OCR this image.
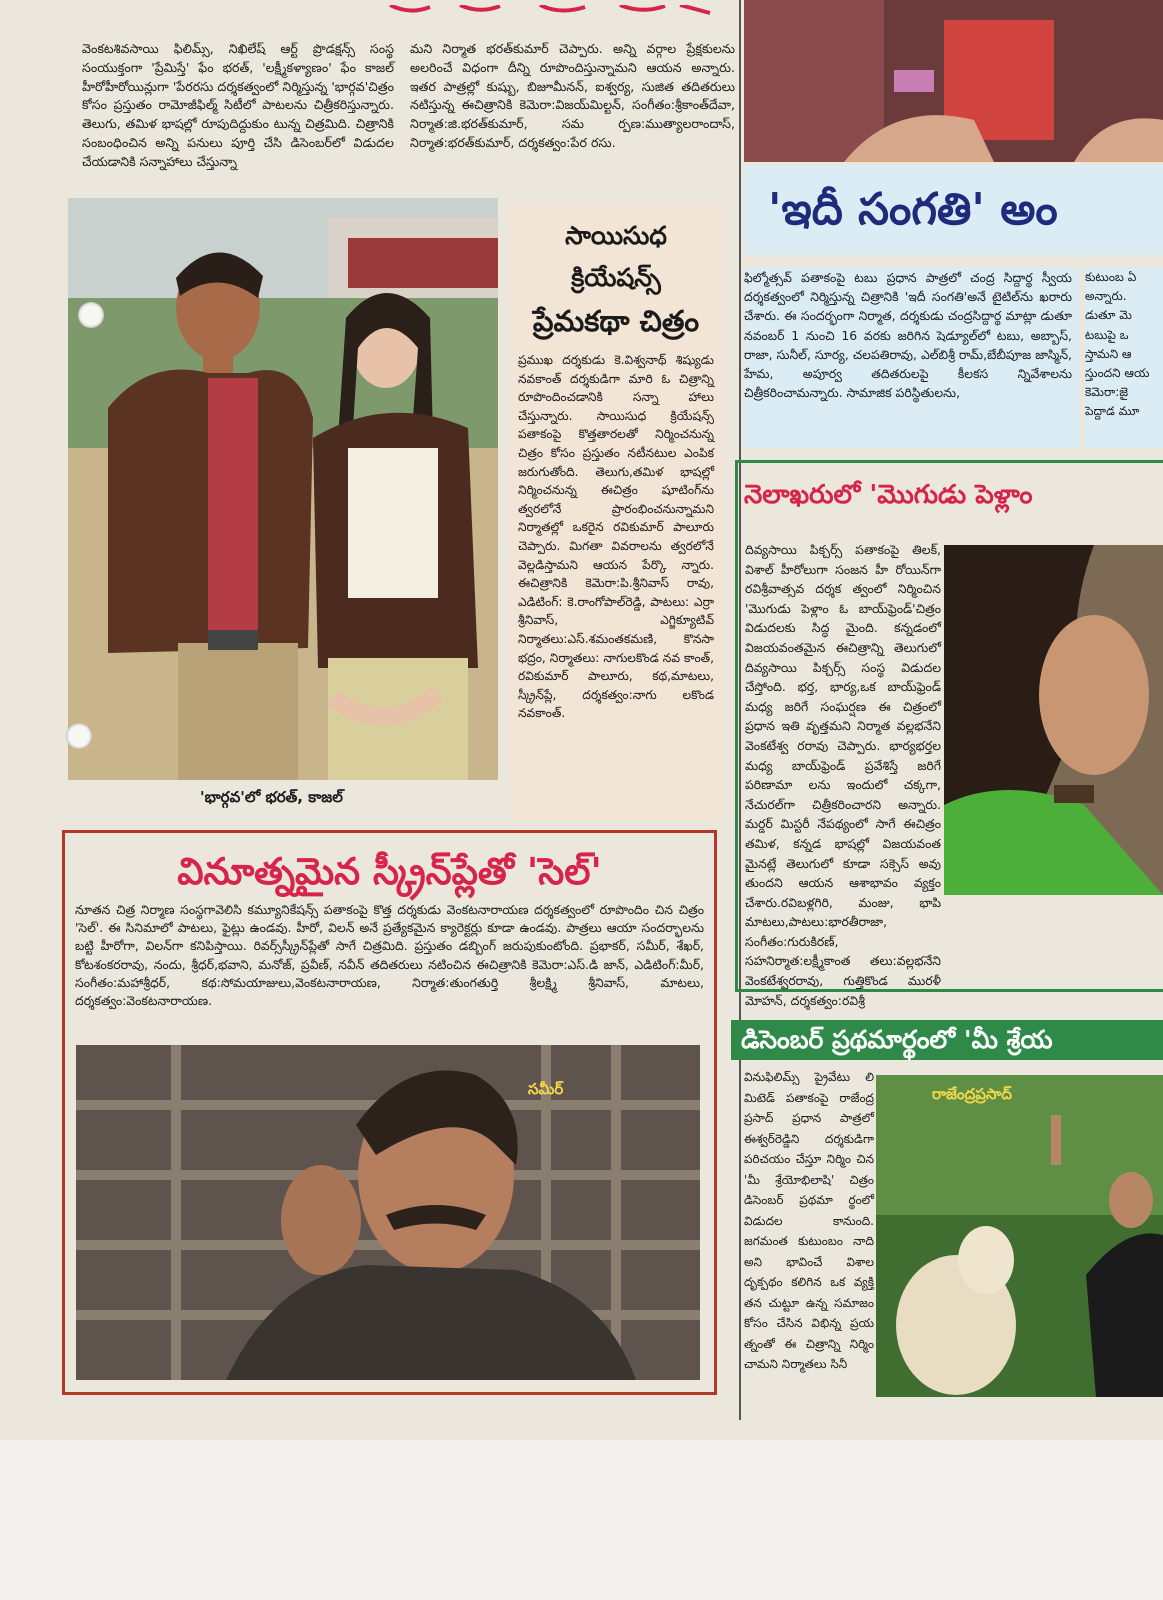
వెంకటశివసాయి ఫిలిమ్స్, నిఖిలేష్ ఆర్ట్ ప్రొడక్షన్స్ సంస్థ సంయుక్తంగా 'ప్రేమిస్తే' ఫేం భరత్, 'లక్ష్మీకళ్యాణం' ఫేం కాజల్ హీరోహీరోయిన్లుగా 'పేరరసు దర్శకత్వంలో నిర్మిస్తున్న 'భార్గవ'చిత్రం కోసం ప్రస్తుతం రామోజీఫిల్మ్ సిటీలో పాటలను చిత్రీకరిస్తున్నారు. తెలుగు, తమిళ భాషల్లో రూపుదిద్దుకుం టున్న చిత్రమిది. చిత్రానికి సంబంధించిన అన్ని పనులు పూర్తి చేసి డిసెంబర్‌లో విడుదల చేయడానికి సన్నాహాలు చేస్తున్నా

మని నిర్మాత భరత్‌కుమార్ చెప్పారు. అన్ని వర్గాల ప్రేక్షకులను అలరించే విధంగా దీన్ని రూపొందిస్తున్నామని ఆయన అన్నారు. ఇతర పాత్రల్లో కుష్బు, బిజూమీనన్, ఐశ్వర్య, సుజిత తదితరులు నటిస్తున్న ఈచిత్రానికి కెమెరా:విజయ్‌మిల్టన్, సంగీతం:శ్రీకాంత్‌దేవా, నిర్మాత:జి.భరత్‌కుమార్, సమ ర్పణ:ముత్యాలరాందాస్, నిర్మాత:భరత్‌కుమార్, దర్శకత్వం:పేర రసు.

'భార్గవ'లో భరత్, కాజల్
సాయిసుధ క్రియేషన్స్
ప్రేమకథా చిత్రం

ప్రముఖ దర్శకుడు కె.విశ్వనాథ్ శిష్యుడు నవకాంత్ దర్శకుడిగా మారి ఓ చిత్రాన్ని రూపొందించడానికి సన్నా హాలు చేస్తున్నారు. సాయిసుధ క్రియేషన్స్ పతాకంపై కొత్తతారలతో నిర్మించనున్న చిత్రం కోసం ప్రస్తుతం నటీనటుల ఎంపిక జరుగుతోంది. తెలుగు,తమిళ భాషల్లో నిర్మించనున్న ఈచిత్రం షూటింగ్‌ను త్వరలోనే ప్రారంభించనున్నామని నిర్మాతల్లో ఒకరైన రవికుమార్ పాలూరు చెప్పారు. మిగతా వివరాలను త్వరలోనే వెల్లడిస్తామని ఆయన పేర్కొ న్నారు. ఈచిత్రానికి కెమెరా:పి.శ్రీనివాస్ రావు, ఎడిటింగ్: కె.రాంగోపాల్‌రెడ్డి, పాటలు: ఎర్రా శ్రీనివాస్, ఎగ్జిక్యూటివ్ నిర్మాతలు:ఎస్.శమంతకమణి, కొనసా భద్రం, నిర్మాతలు: నాగులకొండ నవ కాంత్, రవికుమార్ పాలూరు, కథ,మాటలు, స్క్రీన్‌ప్లే, దర్శకత్వం:నాగు లకొండ నవకాంత్.

వినూత్నమైన స్క్రీన్‌ప్లేతో 'సెల్'

నూతన చిత్ర నిర్మాణ సంస్థగావెలిసి కమ్యూనికేషన్స్ పతాకంపై కొత్త దర్శకుడు వెంకటనారాయణ దర్శకత్వంలో రూపొందిం చిన చిత్రం 'సెల్'. ఈ సినిమాలో పాటలు, ఫైట్లు ఉండవు. హీరో, విలన్ అనే ప్రత్యేకమైన క్యారెక్టర్లు కూడా ఉండవు. పాత్రలు ఆయా సందర్భాలను బట్టి హీరోగా, విలన్‌గా కనిపిస్తాయి. రివర్స్‌స్క్రీన్‌ప్లేతో సాగే చిత్రమిది. ప్రస్తుతం డబ్బింగ్ జరుపుకుంటోంది. ప్రభాకర్, సమీర్, శేఖర్, కోటశంకరరావు, నందు, శ్రీధర్,భవాని, మనోజ్, ప్రవీణ్, నవీన్ తదితరులు నటించిన ఈచిత్రానికి కెమెరా:ఎస్.డి జాన్, ఎడిటింగ్:మీర్, సంగీతం:మహాశ్రీధర్, కథ:సోమయాజులు,వెంకటనారాయణ, నిర్మాత:తుంగతుర్తి శ్రీలక్ష్మి శ్రీనివాస్, మాటలు, దర్శకత్వం:వెంకటనారాయణ.

సమీర్
'ఇదీ సంగతి' అం

ఫిల్మోత్సవ్ పతాకంపై టబు ప్రధాన పాత్రలో చంద్ర సిద్దార్థ స్వీయ దర్శకత్వంలో నిర్మిస్తున్న చిత్రానికి 'ఇదీ సంగతి'అనే టైటిల్‌ను ఖరారు చేశారు. ఈ సందర్భంగా నిర్మాత, దర్శకుడు చంద్రసిద్దార్థ మాట్లా డుతూ నవంబర్ 1 నుంచి 16 వరకు జరిగిన షెడ్యూల్‌లో టబు, అబ్బాస్, రాజా, సునీల్, సూర్య, చలపతిరావు, ఎల్‌బిశ్రీ రామ్,బేబీపూజ జాస్మిన్, హేమ, అపూర్వ తదితరులపై కీలకస న్నివేశాలను చిత్రీకరించామన్నారు. సామాజిక పరిస్థితులను,

కుటుంబ ఏ
అన్నారు.
డుతూ మె
టబుపై ఒ
స్తామని ఆ
స్తుందని ఆయ
కెమెరా:జై
పెద్దాడ మూ
నెలాఖరులో 'మొగుడు పెళ్లాం

దివ్యసాయి పిక్చర్స్ పతాకంపై తిలక్, విశాల్ హీరోలుగా సంజన హీ రోయిన్‌గా రవిశ్రీవాత్సవ దర్శక త్వంలో నిర్మించిన 'మొగుడు పెళ్లాం ఓ బాయ్‌ఫ్రెండ్'చిత్రం విడుదలకు సిద్ధ మైంది. కన్నడంలో విజయవంతమైన ఈచిత్రాన్ని తెలుగులో దివ్యసాయి పిక్చర్స్ సంస్థ విడుదల చేస్తోంది. భర్త, భార్య,ఒక బాయ్‌ఫ్రెండ్ మధ్య జరిగే సంఘర్షణ ఈ చిత్రంలో ప్రధాన ఇతి వృత్తమని నిర్మాత వల్లభనేని వెంకటేశ్వ రరావు చెప్పారు. భార్యభర్తల మధ్య బాయ్‌ఫ్రెండ్ ప్రవేశిస్తే జరిగే పరిణామా లను ఇందులో చక్కగా, నేచురల్‌గా చిత్రీకరించారని అన్నారు. మర్డర్ మిస్టరీ నేపథ్యంలో సాగే ఈచిత్రం తమిళ, కన్నడ భాషల్లో విజయవంత మైనట్లే తెలుగులో కూడా సక్సెస్ అవు తుందని ఆయన ఆశాభావం వ్యక్తం చేశారు.రవిబళ్లగిరి, మంజు, భాపి మాటలు,పాటలు:భారతీరాజా, సంగీతం:గురుకిరణ్, సహనిర్మాత:లక్ష్మీకాంత తలు:వల్లభనేని వెంకటేశ్వరరావు, గుత్తికొండ మురళీ మోహన్, దర్శకత్వం:రవిశ్రీ

డిసెంబర్ ప్రథమార్థంలో 'మీ శ్రేయ

వినుఫిలిమ్స్ ప్రైవేటు లి మిటెడ్ పతాకంపై రాజేంద్ర ప్రసాద్ ప్రధాన పాత్రలో ఈశ్వర్‌రెడ్డిని దర్శకుడిగా పరిచయం చేస్తూ నిర్మిం చిన 'మీ శ్రేయోభిలాషి' చిత్రం డిసెంబర్ ప్రథమా ర్థంలో విడుదల కానుంది. జగమంత కుటుంబం నాది అని భావించే విశాల దృక్పథం కలిగిన ఒక వ్యక్తి తన చుట్టూ ఉన్న సమాజం కోసం చేసిన విభిన్న ప్రయ త్నంతో ఈ చిత్రాన్ని నిర్మిం చామని నిర్మాతలు సినీ

రాజేంద్రప్రసాద్
